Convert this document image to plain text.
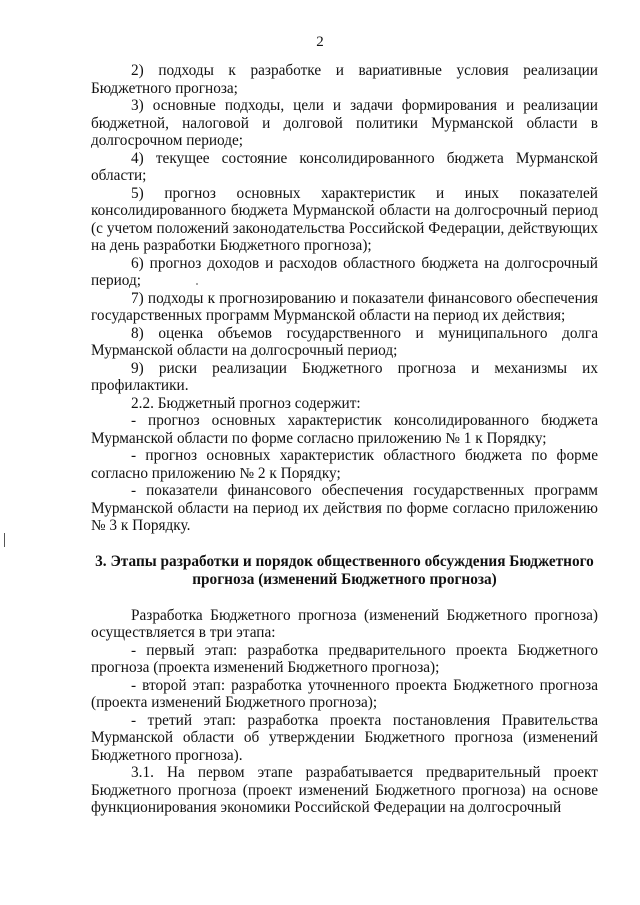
2

2) подходы к разработке и вариативные условия реализации Бюджетного прогноза;

3) основные подходы, цели и задачи формирования и реализации бюджетной, налоговой и долговой политики Мурманской области в долгосрочном периоде;

4) текущее состояние консолидированного бюджета Мурманской области;

5) прогноз основных характеристик и иных показателей консолидированного бюджета Мурманской области на долгосрочный период (с учетом положений законодательства Российской Федерации, действующих на день разработки Бюджетного прогноза);

6) прогноз доходов и расходов областного бюджета на долгосрочный период;

7) подходы к прогнозированию и показатели финансового обеспечения государственных программ Мурманской области на период их действия;

8) оценка объемов государственного и муниципального долга Мурманской области на долгосрочный период;

9) риски реализации Бюджетного прогноза и механизмы их профилактики.

2.2. Бюджетный прогноз содержит:

- прогноз основных характеристик консолидированного бюджета Мурманской области по форме согласно приложению № 1 к Порядку;

- прогноз основных характеристик областного бюджета по форме согласно приложению № 2 к Порядку;

- показатели финансового обеспечения государственных программ Мурманской области на период их действия по форме согласно приложению № 3 к Порядку.

3. Этапы разработки и порядок общественного обсуждения Бюджетного прогноза (изменений Бюджетного прогноза)

Разработка Бюджетного прогноза (изменений Бюджетного прогноза) осуществляется в три этапа:

- первый этап: разработка предварительного проекта Бюджетного прогноза (проекта изменений Бюджетного прогноза);

- второй этап: разработка уточненного проекта Бюджетного прогноза (проекта изменений Бюджетного прогноза);

- третий этап: разработка проекта постановления Правительства Мурманской области об утверждении Бюджетного прогноза (изменений Бюджетного прогноза).

3.1. На первом этапе разрабатывается предварительный проект Бюджетного прогноза (проект изменений Бюджетного прогноза) на основе функционирования экономики Российской Федерации на долгосрочный
